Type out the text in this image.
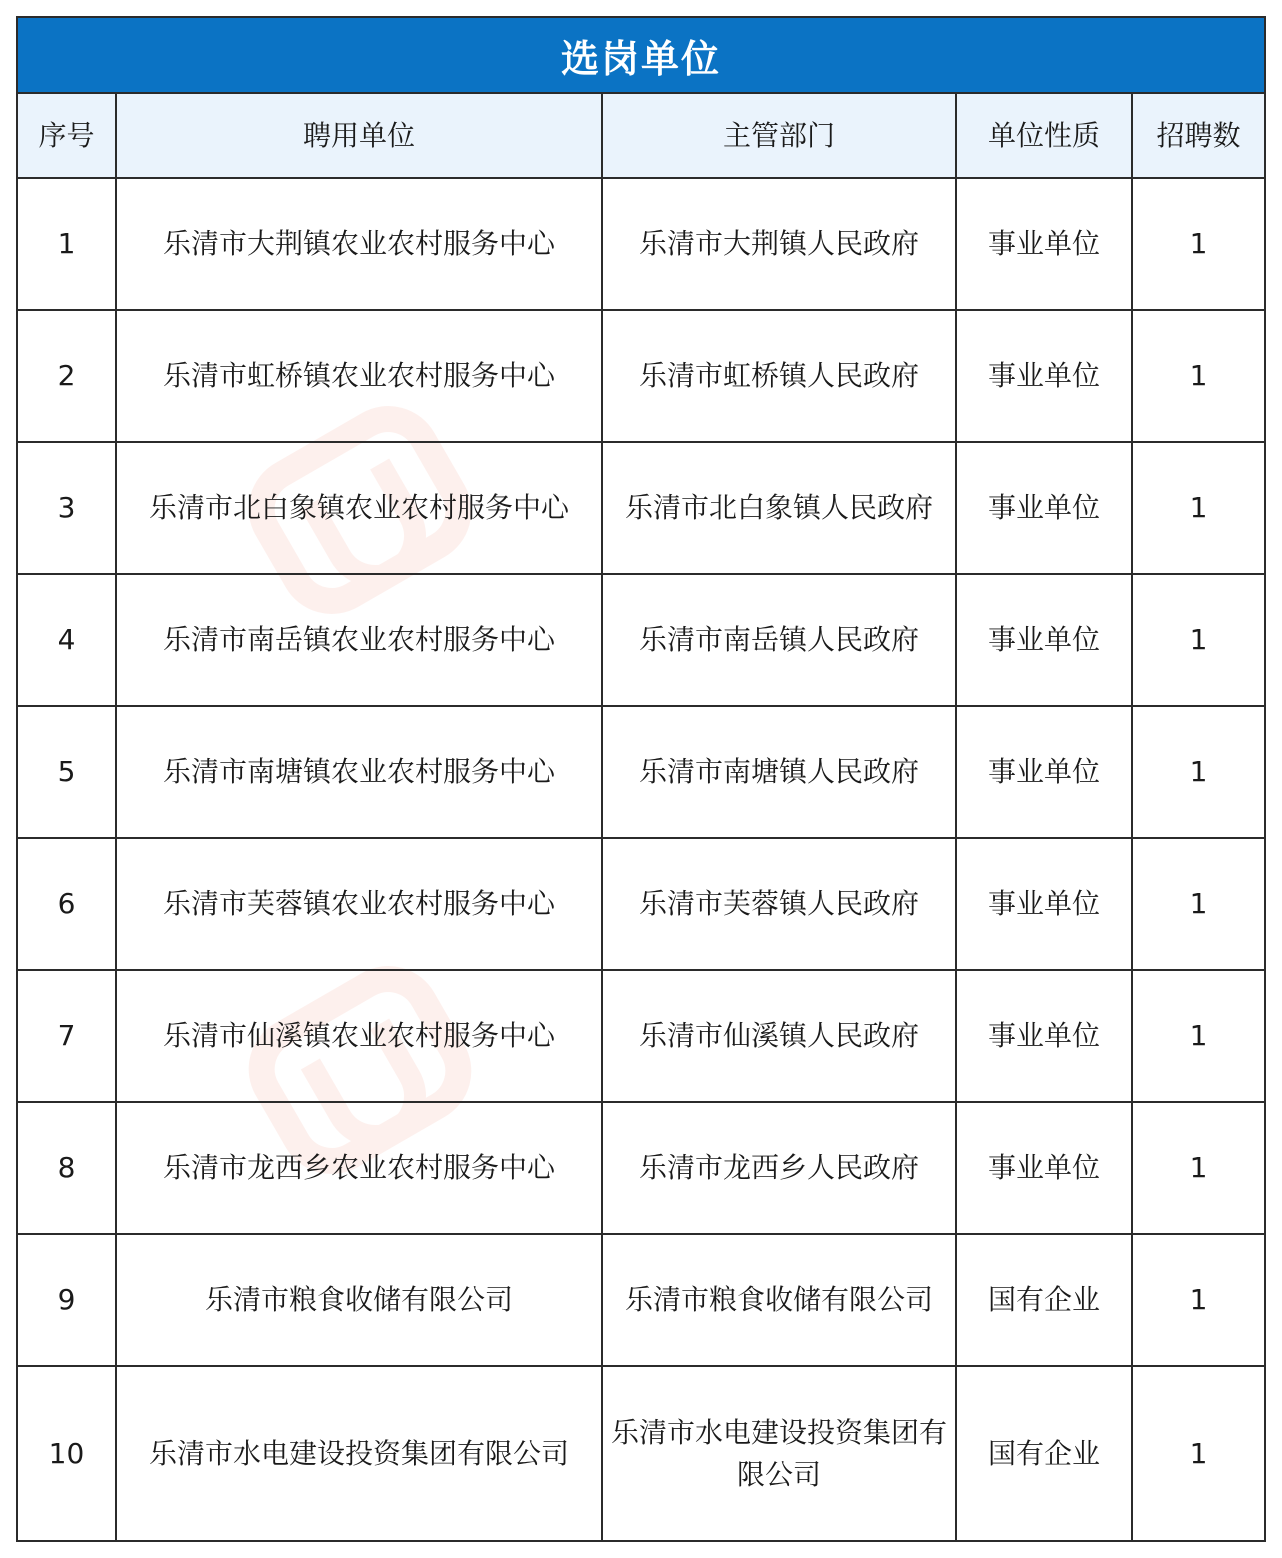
选岗单位
序号	聘用单位	主管部门	单位性质	招聘数
1	乐清市大荆镇农业农村服务中心	乐清市大荆镇人民政府	事业单位	1
2	乐清市虹桥镇农业农村服务中心	乐清市虹桥镇人民政府	事业单位	1
3	乐清市北白象镇农业农村服务中心	乐清市北白象镇人民政府	事业单位	1
4	乐清市南岳镇农业农村服务中心	乐清市南岳镇人民政府	事业单位	1
5	乐清市南塘镇农业农村服务中心	乐清市南塘镇人民政府	事业单位	1
6	乐清市芙蓉镇农业农村服务中心	乐清市芙蓉镇人民政府	事业单位	1
7	乐清市仙溪镇农业农村服务中心	乐清市仙溪镇人民政府	事业单位	1
8	乐清市龙西乡农业农村服务中心	乐清市龙西乡人民政府	事业单位	1
9	乐清市粮食收储有限公司	乐清市粮食收储有限公司	国有企业	1
10	乐清市水电建设投资集团有限公司	乐清市水电建设投资集团有限公司	国有企业	1
